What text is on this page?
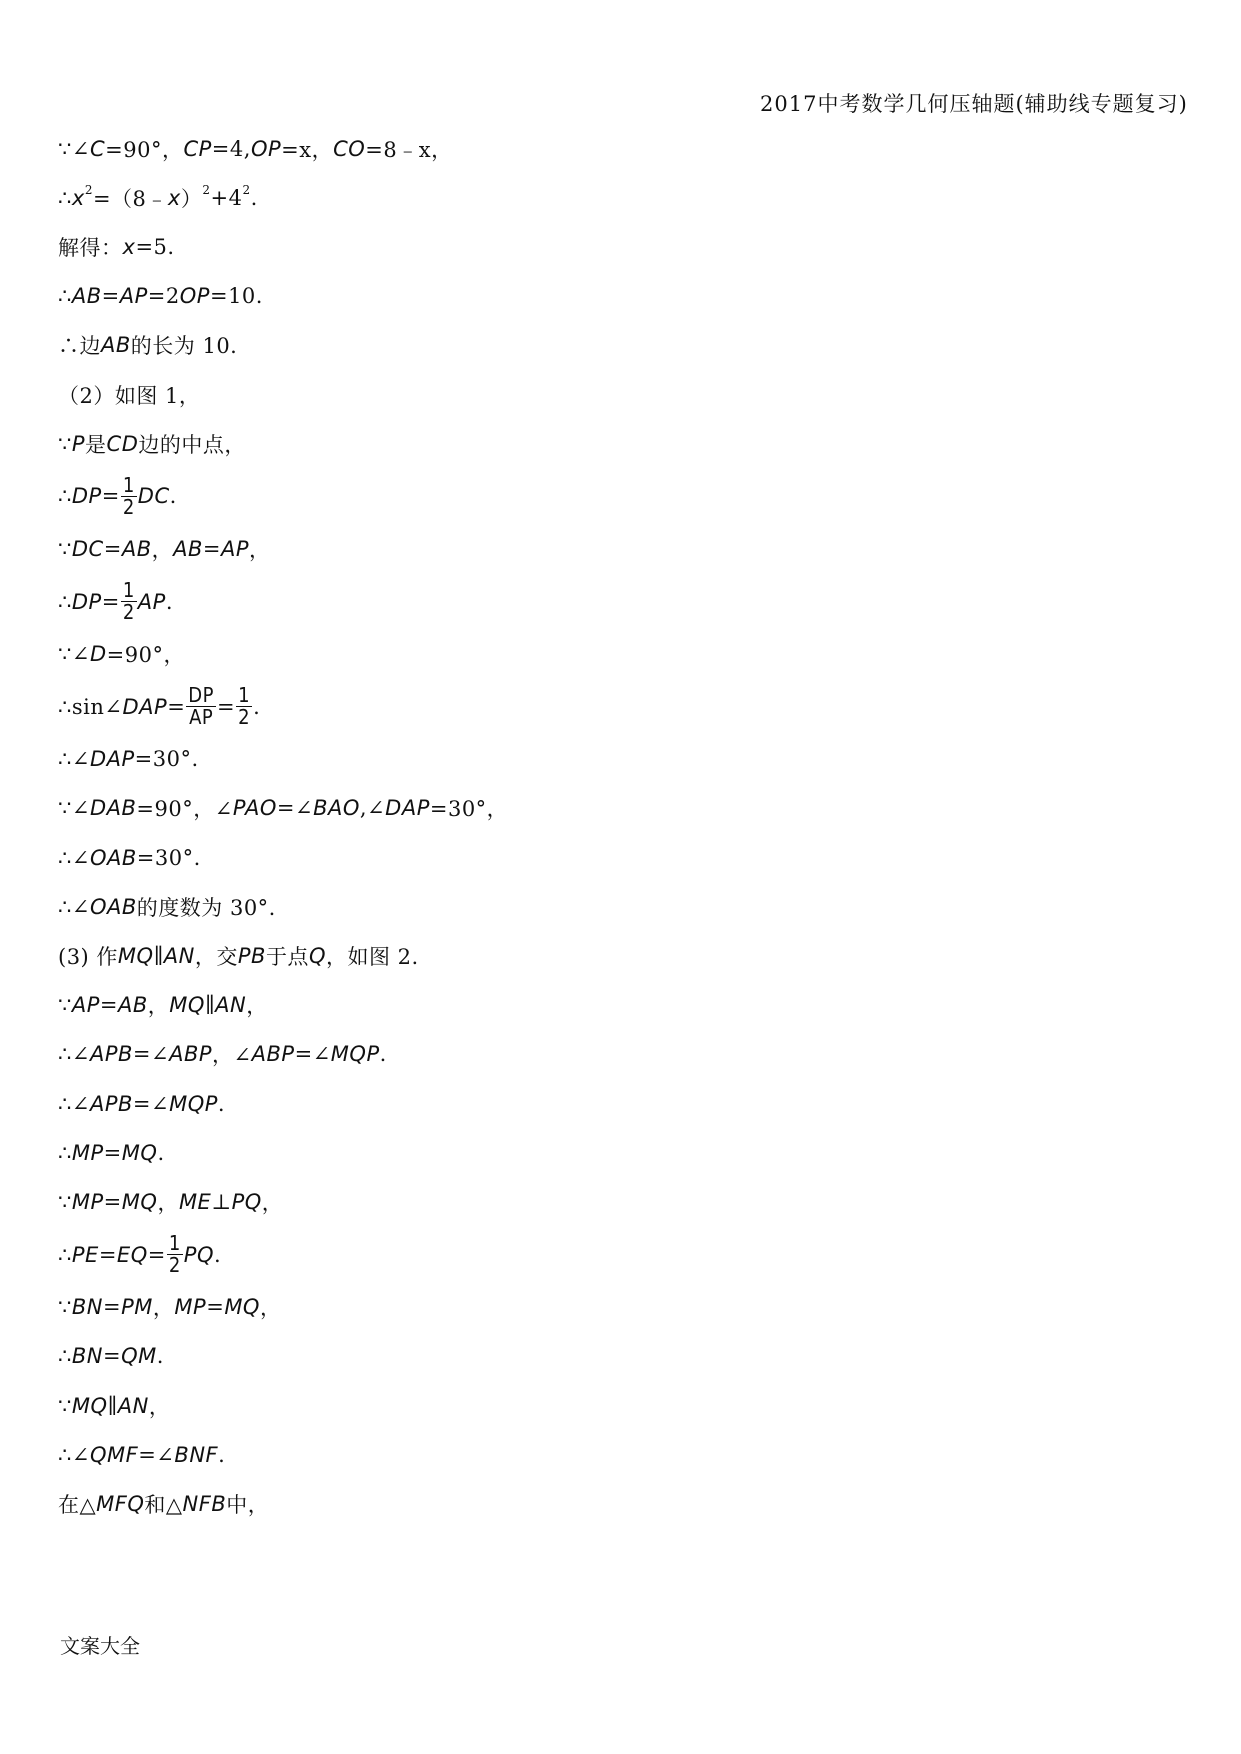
2017中考数学几何压轴题(辅助线专题复习)
∵∠ C =90°， CP =4, OP =x， CO =8﹣x，
∴ x 2 =（8﹣ x ） 2 +4 2 .
解得： x =5.
∴ AB = AP =2 OP =10.
∴边 AB 的长为 10.
（2）如图 1，
∵ P 是 CD 边的中点，
∴ DP = $\frac{1}{2}$ DC .
∵ DC = AB ， AB = AP ，
∴ DP = $\frac{1}{2}$ AP .
∵∠ D =90°，
∴sin∠ DAP = $\frac{DP}{AP} = \frac{1}{2}$ .
∴∠ DAP =30°.
∵∠ DAB =90°，∠ PAO =∠ BAO ,∠ DAP =30°，
∴∠ OAB =30°.
∴∠ OAB 的度数为 30°.
(3) 作 MQ ∥ AN ，交 PB 于点 Q ，如图 2.
∵ AP = AB ， MQ ∥ AN ，
∴∠ APB =∠ ABP ，∠ ABP =∠ MQP .
∴∠ APB =∠ MQP .
∴ MP = MQ .
∵ MP = MQ ， ME ⊥ PQ ，
∴ PE = EQ = $\frac{1}{2}$ PQ .
∵ BN = PM ， MP = MQ ，
∴ BN = QM .
∵ MQ ∥ AN ，
∴∠ QMF =∠ BNF .
在△ MFQ 和△ NFB 中，
文案大全
